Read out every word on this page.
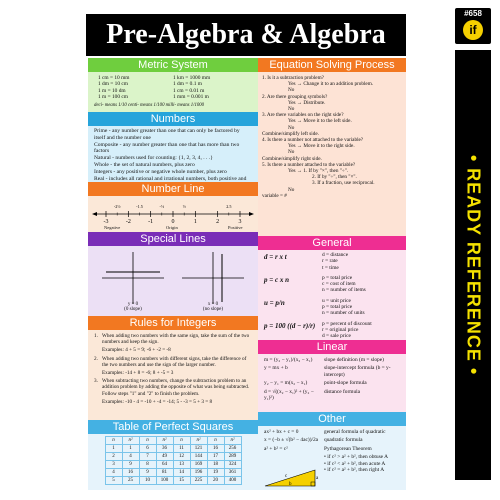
Pre-Algebra & Algebra
#658
if
• READY REFERENCE •
Metric System
1 cm = 10 mm	1 km = 1000 mm
1 dm = 10 cm	1 dm = 0.1 m
1 m = 10 dm	1 cm = 0.01 m
1 m = 100 cm	1 mm = 0.001 m
deci- means 1/10 centi- means 1/100 milli- means 1/1000
Numbers
Prime - any number greater than one that can only be factored by itself and the number one
Composite - any number greater than one that has more than two factors
Natural - numbers used for counting: {1, 2, 3, 4, . . .}
Whole - the set of natural numbers, plus zero
Integers - any positive or negative whole number, plus zero
Real - includes all rational and irrational numbers, both positive and
Number Line
-3	-2	-1	0	1	2	3
-2½	-1.5	-½	½	2.5
Negative	Origin	Positive
Special Lines
y = 0
(0 slope)
x = 0
(no slope)
Rules for Integers
1. When adding two numbers with the same sign, take the sum of the two numbers and keep the sign.
Examples: 4 + 5 = 9; -6 + -2 = -8
2. When adding two numbers with different signs, take the difference of the two numbers and use the sign of the larger number.
Examples: -14 + 8 = -6; 8 + -5 = 3
3. When subtracting two numbers, change the subtraction problem to an addition problem by adding the opposite of what was being subtracted. Follow steps "1" and "2" to finish the problem.
Examples: -10 - 4 = -10 + -4 = -14; 5 - -3 = 5 + 3 = 8
Table of Perfect Squares
n	n²	n	n²	n	n²	n	n²
1	1	6	36	11	121	16	256
2	4	7	49	12	144	17	289
3	9	8	64	13	169	18	324
4	16	9	81	14	196	19	361
5	25	10	100	15	225	20	400
Equation Solving Process
1. Is it a subtraction problem?
Yes → Change it to an addition problem.
No
2. Are there grouping symbols?
Yes → Distribute.
No
3. Are there variables on the right side?
Yes → Move it to the left side.
No
Combine/simplify left side.
4. Is there a number not attached to the variable?
Yes → Move it to the right side.
No
Combine/simplify right side.
5. Is there a number attached to the variable?
Yes → 1. If by "×", then "÷".
2. If by "÷", then "×".
3. If a fraction, use reciprocal.
No
variable = #
General
d = r x t	d = distance
r = rate
t = time
p = c x n	p = total price
c = cost of item
n = number of items
u = p/n	u = unit price
p = total price
n = number of units
p = 100 ((d − r)/r)	p = percent of discount
r = original price
d = sale price
Linear
m = (y₂ − y₁)/(x₂ − x₁)	slope definition (m = slope)
y = mx + b	slope-intercept formula (b = y-intercept)
y₂ − y₁ = m(x₂ − x₁)	point-slope formula
d = √((x₂ − x₁)² + (y₂ − y₁)²)
distance formula
Other
ax² + bx + c = 0	general formula of quadratic
x = (−b ± √(b² − 4ac))/2a	quadratic formula
a² + b² = c²	Pythagorean Theorem
• if c² > a² + b², then obtuse A
• if c² < a² + b², then acute A
• if c² = a² + b², then right A
c	a
b
